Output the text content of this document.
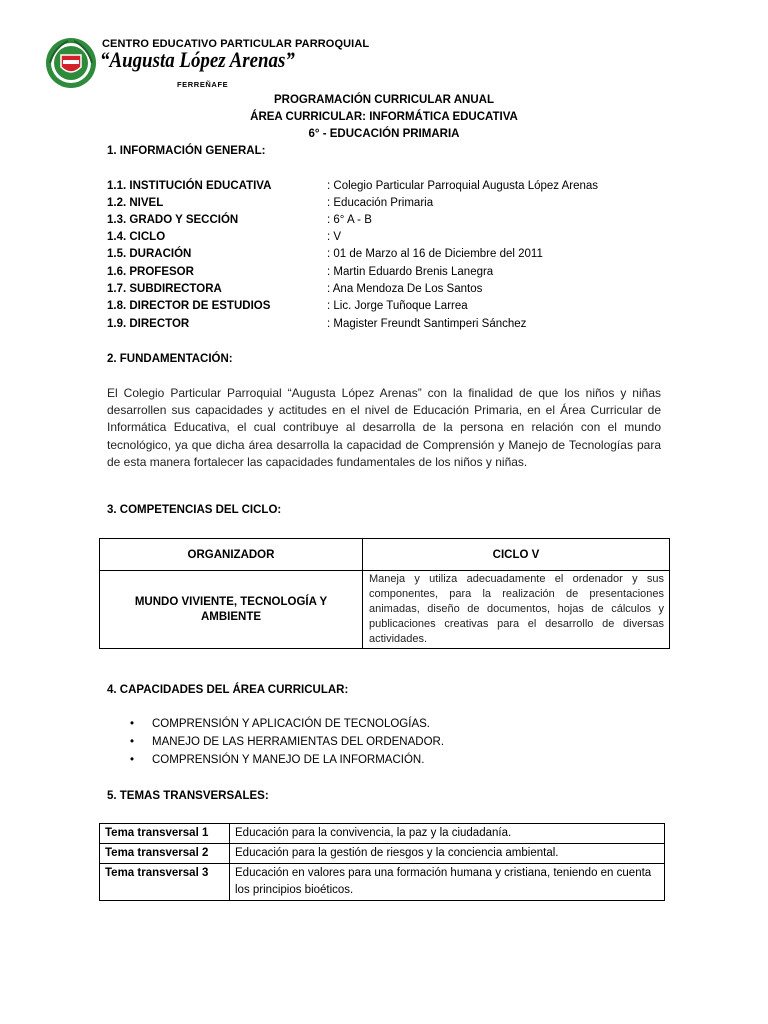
CENTRO EDUCATIVO PARTICULAR PARROQUIAL
“Augusta López Arenas”
FERREÑAFE
PROGRAMACIÓN CURRICULAR ANUAL
ÁREA CURRICULAR: INFORMÁTICA EDUCATIVA
6° - EDUCACIÓN PRIMARIA
1. INFORMACIÓN GENERAL:
1.1. INSTITUCIÓN EDUCATIVA	: Colegio Particular Parroquial Augusta López Arenas
1.2. NIVEL	: Educación Primaria
1.3. GRADO Y SECCIÓN	: 6° A - B
1.4. CICLO	: V
1.5. DURACIÓN	: 01 de Marzo al 16 de Diciembre del 2011
1.6. PROFESOR	: Martin Eduardo Brenis Lanegra
1.7. SUBDIRECTORA	: Ana Mendoza De Los Santos
1.8. DIRECTOR DE ESTUDIOS	: Lic. Jorge Tuñoque Larrea
1.9. DIRECTOR	: Magister Freundt Santimperi Sánchez
2. FUNDAMENTACIÓN:
El Colegio Particular Parroquial “Augusta López Arenas” con la finalidad de que los niños y niñas desarrollen sus capacidades y actitudes en el nivel de Educación Primaria, en el Área Curricular de Informática Educativa, el cual contribuye al desarrolla de la persona en relación con el mundo tecnológico, ya que dicha área desarrolla la capacidad de Comprensión y Manejo de Tecnologías para de esta manera fortalecer las capacidades fundamentales de los niños y niñas.
3. COMPETENCIAS DEL CICLO:
ORGANIZADOR	CICLO V
MUNDO VIVIENTE, TECNOLOGÍA Y AMBIENTE	Maneja y utiliza adecuadamente el ordenador y sus componentes, para la realización de presentaciones animadas, diseño de documentos, hojas de cálculos y publicaciones creativas para el desarrollo de diversas actividades.
4. CAPACIDADES DEL ÁREA CURRICULAR:
• COMPRENSIÓN Y APLICACIÓN DE TECNOLOGÍAS.
• MANEJO DE LAS HERRAMIENTAS DEL ORDENADOR.
• COMPRENSIÓN Y MANEJO DE LA INFORMACIÓN.
5. TEMAS TRANSVERSALES:
Tema transversal 1	Educación para la convivencia, la paz y la ciudadanía.
Tema transversal 2	Educación para la gestión de riesgos y la conciencia ambiental.
Tema transversal 3	Educación en valores para una formación humana y cristiana, teniendo en cuenta los principios bioéticos.
